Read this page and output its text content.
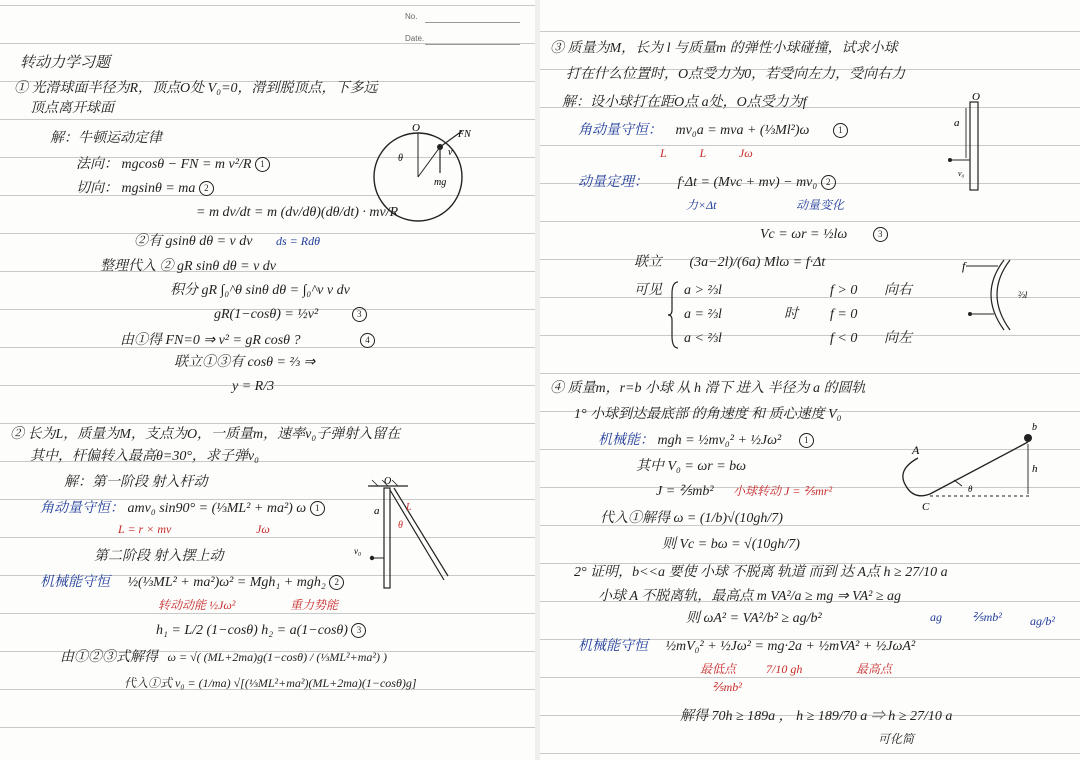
No.
Date.
转动力学习题
① 光滑球面半径为R，顶点O处 V₀=0，滑到脱顶点，下多远
顶点离开球面
解：牛顿运动定律
法向： mgcosθ − FN = m v²/R 1
切向： mgsinθ = ma 2
= m dv/dt = m (dv/dθ)(dθ/dt) · mv/R
②有 gsinθ dθ = v dv ds = Rdθ
整理代入 ② gR sinθ dθ = v dv
积分 gR ∫₀^θ sinθ dθ = ∫₀^v v dv
gR(1−cosθ) = ½v²	3
由①得 FN=0 ⇒ v² = gR cosθ ?	4
联立①③有 cosθ = ⅔ ⇒
y = R/3
O
FN
mg
θ
v
② 长为L，质量为M，支点为O，一质量m，速率v₀子弹射入留在
其中，杆偏转入最高θ=30°，求子弹v₀
解：第一阶段 射入杆动
角动量守恒： amv₀ sin90° = (⅓ML² + ma²) ω 1
L = r × mv	Jω
第二阶段 射入摆上动
机械能守恒 ½(⅓ML² + ma²)ω² = Mgh₁ + mgh₂ 2
转动动能 ½Jω²	重力势能
h₁ = L/2 (1−cosθ) h₂ = a(1−cosθ) 3
由①②③式解得 ω = √( (ML+2ma)g(1−cosθ) / (⅓ML²+ma²) )
代入①式 v₀ = (1/ma) √[(⅓ML²+ma²)(ML+2ma)(1−cosθ)g]
O
a	L
θ
v₀
③ 质量为M，长为 l 与质量m 的弹性小球碰撞，试求小球
打在什么位置时，O点受力为0，若受向左力，受向右力
解：设小球打在距O点 a处，O点受力为f
角动量守恒： mv₀a = mva + (⅓Ml²)ω	1
L L Jω
动量定理： f·Δt = (Mvc + mv) − mv₀ 2
力×Δt	动量变化
Vc = ωr = ½lω	3
联立 (3a−2l)/(6a) Mlω = f·Δt
可见 a > ⅔l	f > 0 向右
a = ⅔l	时 f = 0
a < ⅔l	f < 0 向左
O
a
v₀
f
⅔l
④ 质量m，r=b 小球 从 h 滑下 进入 半径为 a 的圆轨
1° 小球到达最底部 的角速度 和 质心速度 V₀
机械能： mgh = ½mv₀² + ½Jω²	1
其中 V₀ = ωr = bω
J = ⅖mb² 小球转动 J = ⅖mr²
代入①解得 ω = (1/b)√(10gh/7)
则 Vc = bω = √(10gh/7)
2° 证明，b<<a 要使 小球 不脱离 轨道 而到 达 A点 h ≥ 27/10 a
小球 A 不脱离轨，最高点 m VA²/a ≥ mg ⇒ VA² ≥ ag
则 ωA² = VA²/b² ≥ ag/b²	ag	⅖mb² ag/b²
机械能守恒 ½mV₀² + ½Jω² = mg·2a + ½mVA² + ½JωA²
最低点
⅖mb²
7/10 gh	最高点
解得 70h ≥ 189a ， h ≥ 189/70 a ⇒ h ≥ 27/10 a
可化简
A
b
C
h
θ
